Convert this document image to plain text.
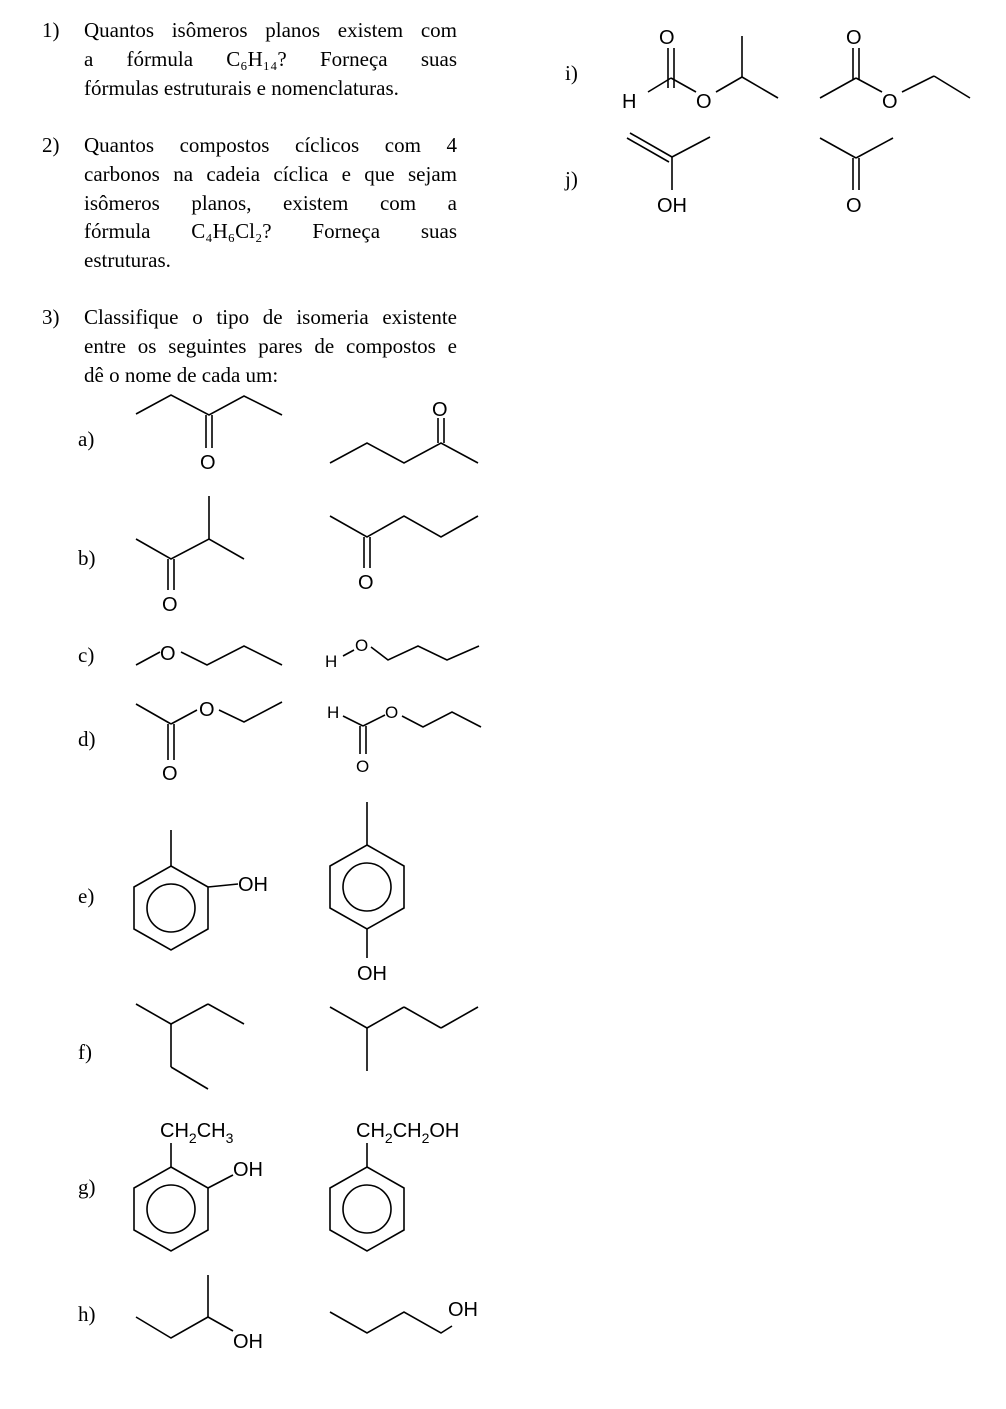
1) Quantos isômeros planos existem com
a fórmula C₆H₁₄? Forneça suas
fórmulas estruturais e nomenclaturas.
2) Quantos compostos cíclicos com 4
carbonos na cadeia cíclica e que sejam
isômeros planos, existem com a
fórmula C₄H₆Cl₂? Forneça suas
estruturas.
3) Classifique o tipo de isomeria existente
entre os seguintes pares de compostos e
dê o nome de cada um:
a)
b)
c)
d)
e)
f)
g)
h)
i)
j)
O
H	O
O
O
OH	O
O
O
O
O
O	H
O
O
O
H	O
O
OH
OH
$CH_2CH_3$
OH
$CH_2CH_2OH$
OH
OH
